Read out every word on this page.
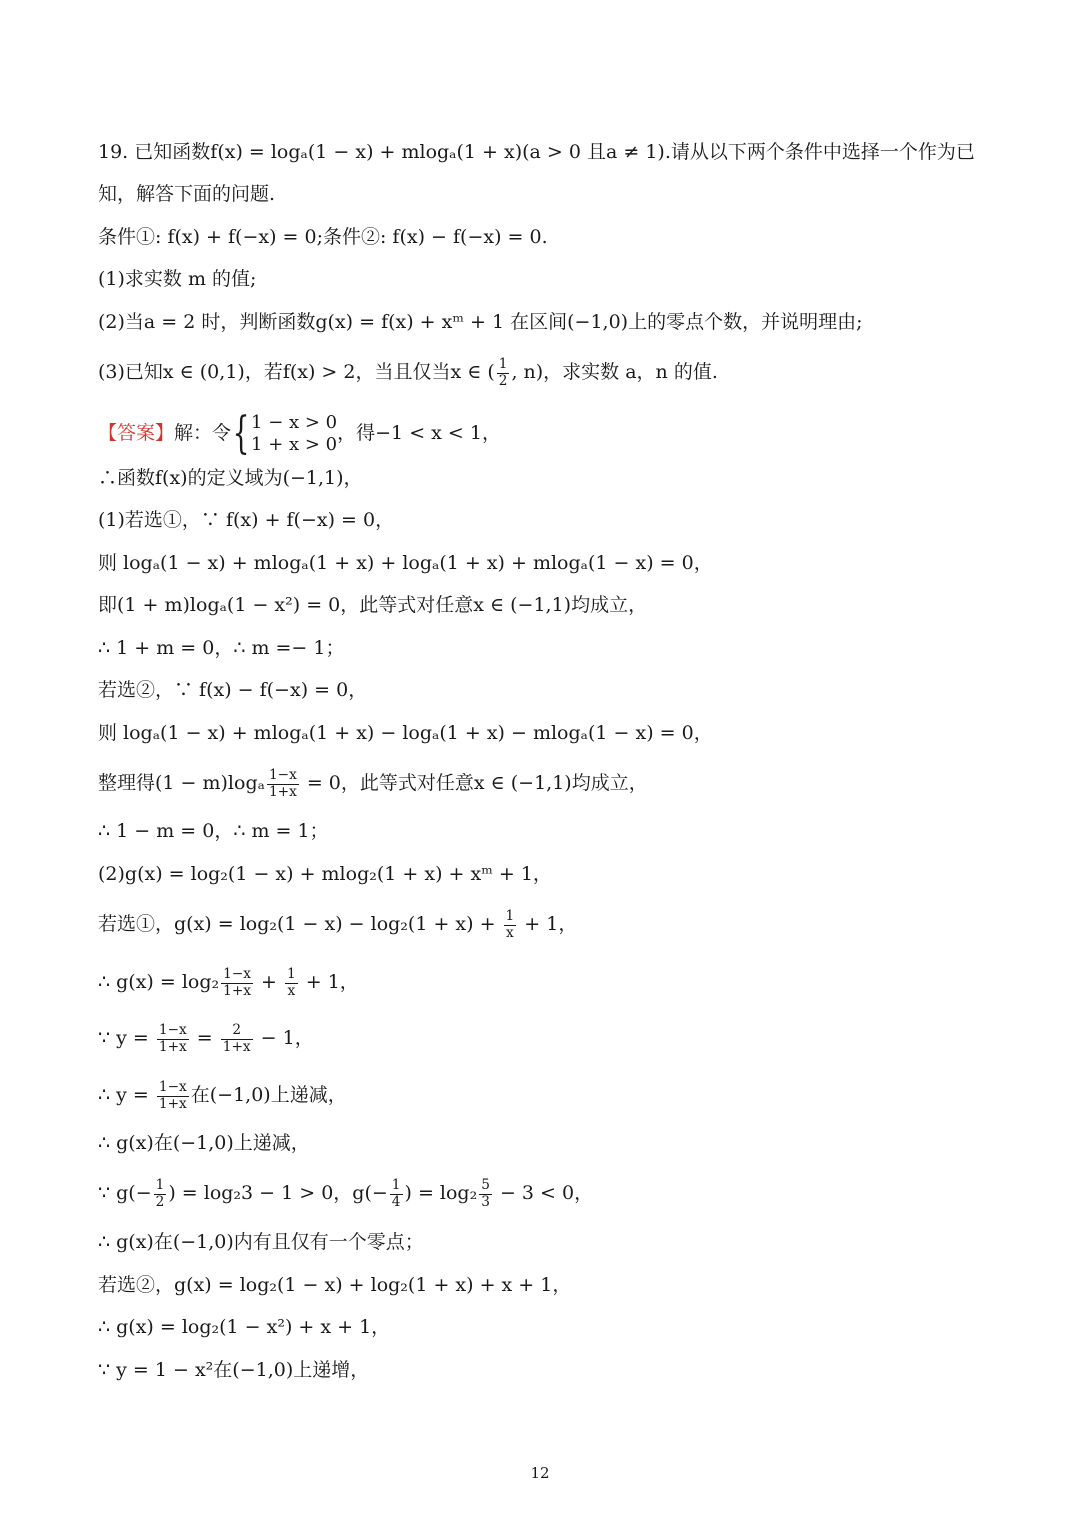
19. 已知函数f(x) = logₐ(1 − x) + mlogₐ(1 + x)(a > 0 且a ≠ 1).请从以下两个条件中选择一个作为已知，解答下面的问题.
条件①: f(x) + f(−x) = 0;条件②: f(x) − f(−x) = 0.
(1)求实数 m 的值;
(2)当a = 2 时，判断函数g(x) = f(x) + xᵐ + 1 在区间(−1,0)上的零点个数，并说明理由;
(3)已知x ∈ (0,1)，若f(x) > 2，当且仅当x ∈ ( $\frac{1}{2}$ , n)，求实数 a，n 的值.
【答案】解：令 { 1 − x > 0
1 + x > 0
，得−1 < x < 1，
∴函数f(x)的定义域为(−1,1)，
(1)若选①，∵ f(x) + f(−x) = 0，
则 logₐ(1 − x) + mlogₐ(1 + x) + logₐ(1 + x) + mlogₐ(1 − x) = 0，
即(1 + m)logₐ(1 − x²) = 0，此等式对任意x ∈ (−1,1)均成立，
∴ 1 + m = 0，∴ m =− 1；
若选②，∵ f(x) − f(−x) = 0，
则 logₐ(1 − x) + mlogₐ(1 + x) − logₐ(1 + x) − mlogₐ(1 − x) = 0，
整理得$(1 - m)\log_a \frac{1-x}{1+x} = 0$，此等式对任意x ∈ (−1,1)均成立，
∴ 1 − m = 0，∴ m = 1；
(2)g(x) = log₂(1 − x) + mlog₂(1 + x) + xᵐ + 1，
若选①，$g(x) = \log_2(1 - x) - \log_2(1 + x) + \frac{1}{x} + 1$，
∴ $g(x) = \log_2 \frac{1-x}{1+x} + \frac{1}{x} + 1$，
∵ $y = \frac{1-x}{1+x} = \frac{2}{1+x} - 1$，
∴ $y = \frac{1-x}{1+x}$ 在(−1,0)上递减，
∴ g(x)在(−1,0)上递减，
∵ $g(- \frac{1}{2}$ ) = log₂3 − 1 > 0，$g(- \frac{1}{4}$ ) = $\log_2 \frac{5}{3} - 3 < 0$，
∴ g(x)在(−1,0)内有且仅有一个零点；
若选②，g(x) = log₂(1 − x) + log₂(1 + x) + x + 1，
∴ g(x) = log₂(1 − x²) + x + 1，
∵ y = 1 − x²在(−1,0)上递增，
12
